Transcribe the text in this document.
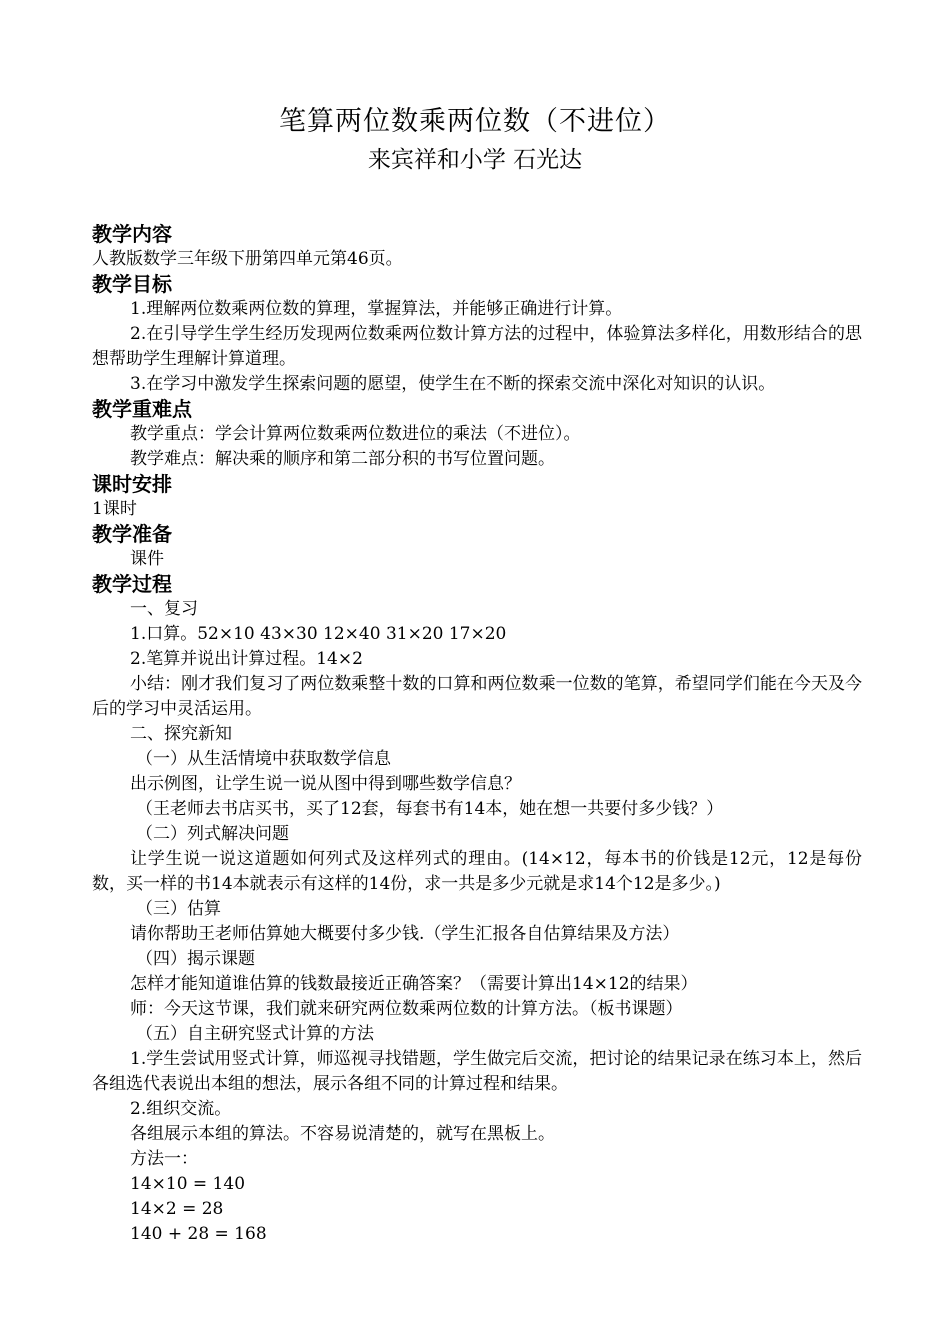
笔算两位数乘两位数（不进位）
来宾祥和小学 石光达

教学内容

人教版数学三年级下册第四单元第46页。

教学目标

1.理解两位数乘两位数的算理，掌握算法，并能够正确进行计算。

2.在引导学生学生经历发现两位数乘两位数计算方法的过程中，体验算法多样化，用数形结合的思想帮助学生理解计算道理。

3.在学习中激发学生探索问题的愿望，使学生在不断的探索交流中深化对知识的认识。

教学重难点

教学重点：学会计算两位数乘两位数进位的乘法（不进位）。

教学难点：解决乘的顺序和第二部分积的书写位置问题。

课时安排

1课时

教学准备

课件

教学过程

一、复习

1.口算。52×10 43×30 12×40 31×20 17×20

2.笔算并说出计算过程。14×2

小结：刚才我们复习了两位数乘整十数的口算和两位数乘一位数的笔算，希望同学们能在今天及今后的学习中灵活运用。

二、探究新知

（一）从生活情境中获取数学信息

出示例图，让学生说一说从图中得到哪些数学信息？

（王老师去书店买书，买了12套，每套书有14本，她在想一共要付多少钱？）

（二）列式解决问题

让学生说一说这道题如何列式及这样列式的理由。(14×12，每本书的价钱是12元，12是每份数，买一样的书14本就表示有这样的14份，求一共是多少元就是求14个12是多少。)

（三）估算

请你帮助王老师估算她大概要付多少钱.（学生汇报各自估算结果及方法）

（四）揭示课题

怎样才能知道谁估算的钱数最接近正确答案？（需要计算出14×12的结果）

师：今天这节课，我们就来研究两位数乘两位数的计算方法。（板书课题）

（五）自主研究竖式计算的方法

1.学生尝试用竖式计算，师巡视寻找错题，学生做完后交流，把讨论的结果记录在练习本上，然后各组选代表说出本组的想法，展示各组不同的计算过程和结果。

2.组织交流。

各组展示本组的算法。不容易说清楚的，就写在黑板上。

方法一：

14×10 = 140

14×2 = 28

140 + 28 = 168
